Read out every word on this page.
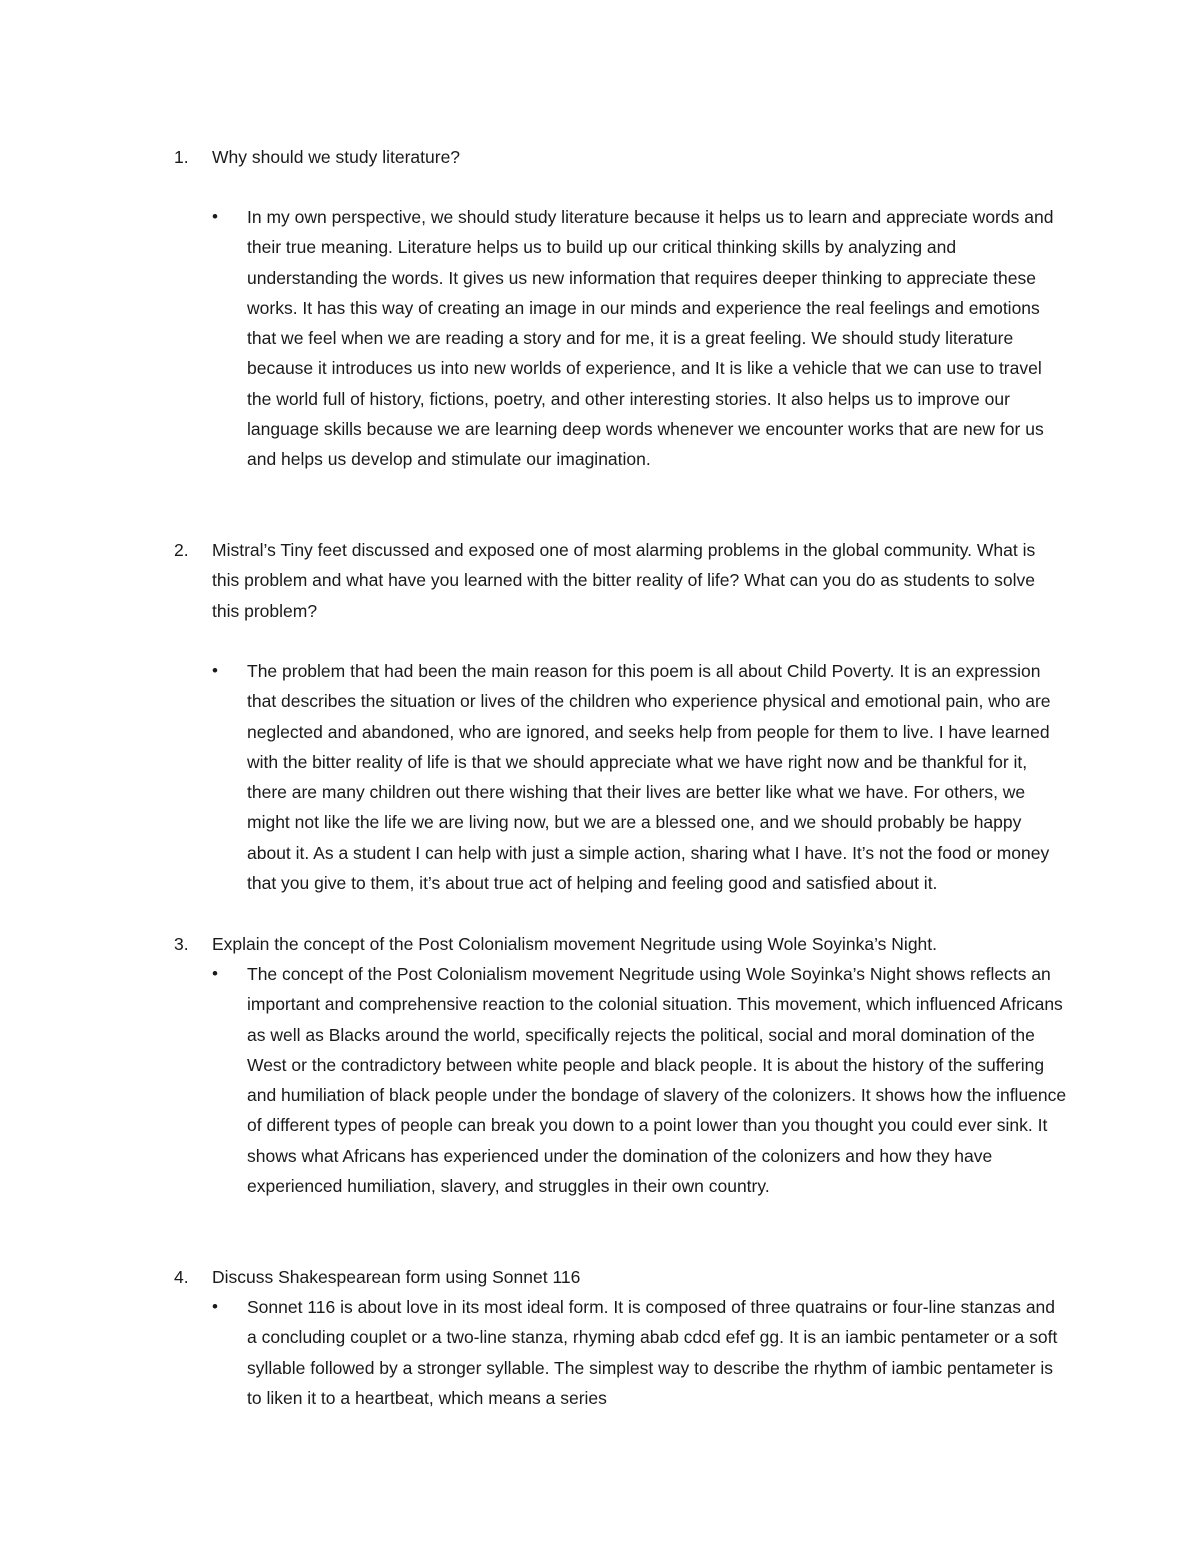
1. Why should we study literature?
•	In my own perspective, we should study literature because it helps us to learn and appreciate words and their true meaning. Literature helps us to build up our critical thinking skills by analyzing and understanding the words. It gives us new information that requires deeper thinking to appreciate these works. It has this way of creating an image in our minds and experience the real feelings and emotions that we feel when we are reading a story and for me, it is a great feeling. We should study literature because it introduces us into new worlds of experience, and It is like a vehicle that we can use to travel the world full of history, fictions, poetry, and other interesting stories. It also helps us to improve our language skills because we are learning deep words whenever we encounter works that are new for us and helps us develop and stimulate our imagination.
2. Mistral’s Tiny feet discussed and exposed one of most alarming problems in the global community. What is this problem and what have you learned with the bitter reality of life? What can you do as students to solve this problem?
•	The problem that had been the main reason for this poem is all about Child Poverty. It is an expression that describes the situation or lives of the children who experience physical and emotional pain, who are neglected and abandoned, who are ignored, and seeks help from people for them to live. I have learned with the bitter reality of life is that we should appreciate what we have right now and be thankful for it, there are many children out there wishing that their lives are better like what we have. For others, we might not like the life we are living now, but we are a blessed one, and we should probably be happy about it. As a student I can help with just a simple action, sharing what I have. It’s not the food or money that you give to them, it’s about true act of helping and feeling good and satisfied about it.
3. Explain the concept of the Post Colonialism movement Negritude using Wole Soyinka’s Night.
•	The concept of the Post Colonialism movement Negritude using Wole Soyinka’s Night shows reflects an important and comprehensive reaction to the colonial situation. This movement, which influenced Africans as well as Blacks around the world, specifically rejects the political, social and moral domination of the West or the contradictory between white people and black people. It is about the history of the suffering and humiliation of black people under the bondage of slavery of the colonizers. It shows how the influence of different types of people can break you down to a point lower than you thought you could ever sink. It shows what Africans has experienced under the domination of the colonizers and how they have experienced humiliation, slavery, and struggles in their own country.
4. Discuss Shakespearean form using Sonnet 116
•	Sonnet 116 is about love in its most ideal form. It is composed of three quatrains or four-line stanzas and a concluding couplet or a two-line stanza, rhyming abab cdcd efef gg. It is an iambic pentameter or a soft syllable followed by a stronger syllable. The simplest way to describe the rhythm of iambic pentameter is to liken it to a heartbeat, which means a series
